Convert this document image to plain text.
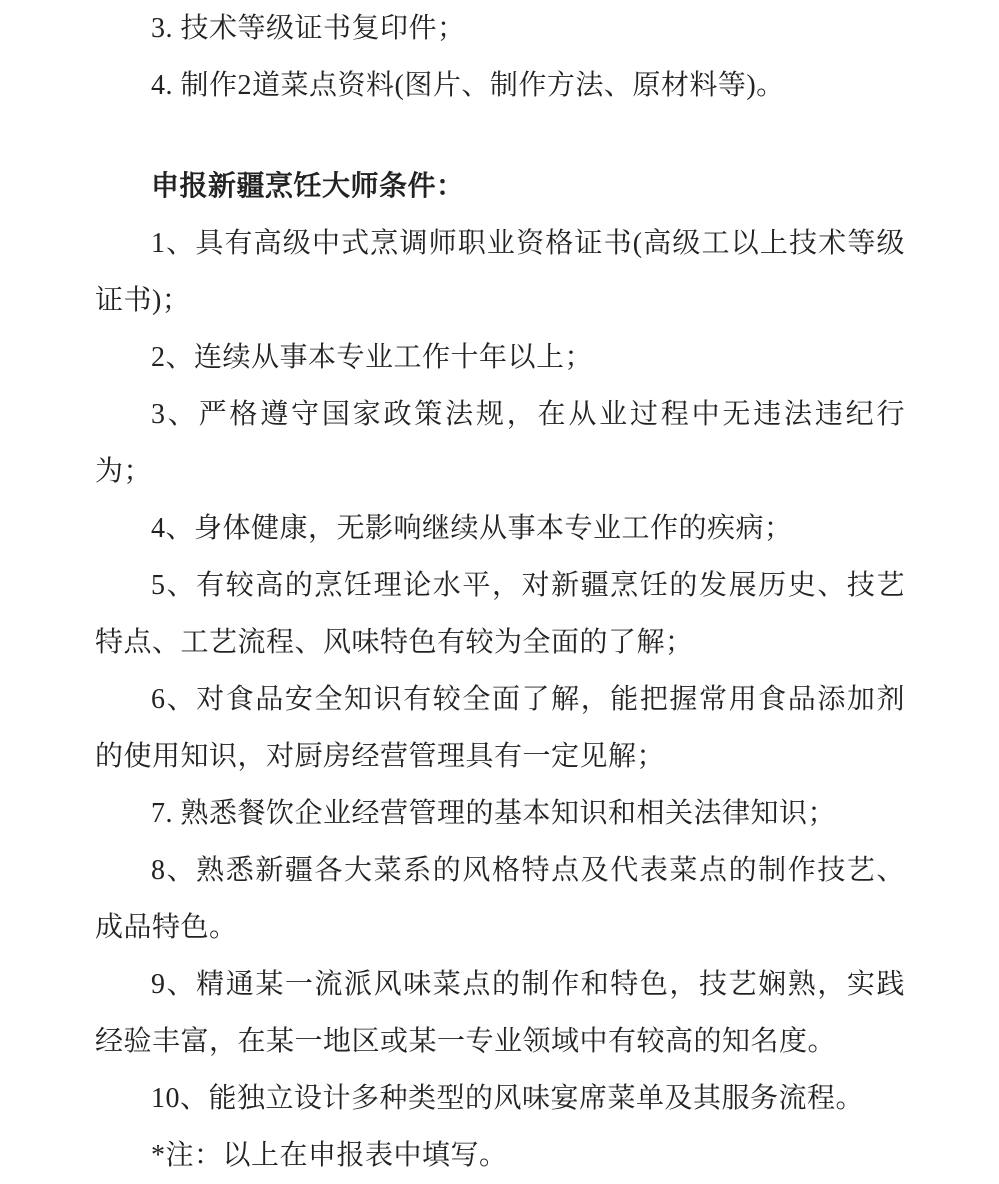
3. 技术等级证书复印件；

4. 制作2道菜点资料(图片、制作方法、原材料等)。

申报新疆烹饪大师条件：

1、具有高级中式烹调师职业资格证书(高级工以上技术等级证书)；

2、连续从事本专业工作十年以上；

3、严格遵守国家政策法规，在从业过程中无违法违纪行为；

4、身体健康，无影响继续从事本专业工作的疾病；

5、有较高的烹饪理论水平，对新疆烹饪的发展历史、技艺特点、工艺流程、风味特色有较为全面的了解；

6、对食品安全知识有较全面了解，能把握常用食品添加剂的使用知识，对厨房经营管理具有一定见解；

7. 熟悉餐饮企业经营管理的基本知识和相关法律知识；

8、熟悉新疆各大菜系的风格特点及代表菜点的制作技艺、成品特色。

9、精通某一流派风味菜点的制作和特色，技艺娴熟，实践经验丰富，在某一地区或某一专业领域中有较高的知名度。

10、能独立设计多种类型的风味宴席菜单及其服务流程。

*注：以上在申报表中填写。
